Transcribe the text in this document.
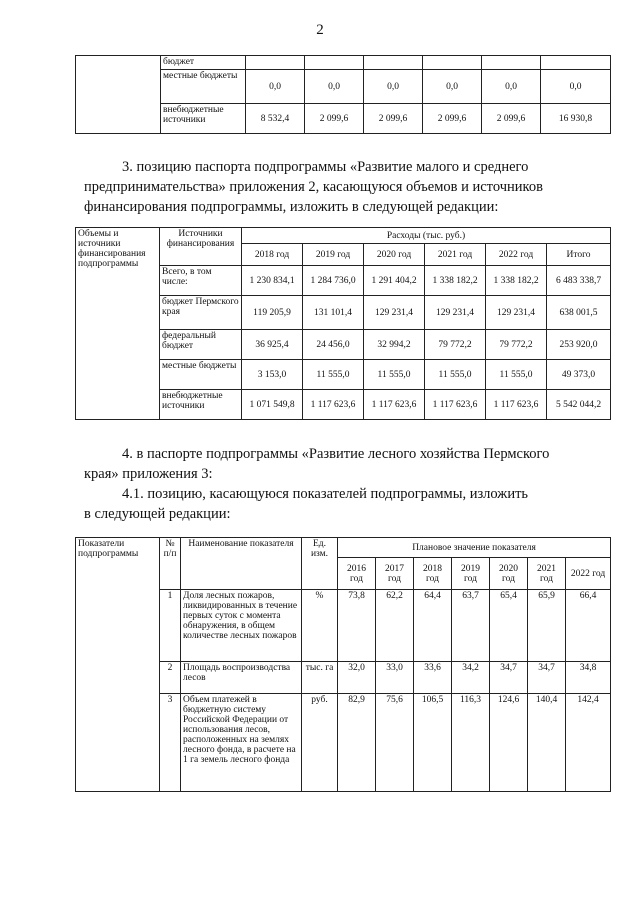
2
	бюджет						
	местные бюджеты	0,0	0,0	0,0	0,0	0,0	0,0
	внебюджетные источники	8 532,4	2 099,6	2 099,6	2 099,6	2 099,6	16 930,8
3. позицию паспорта подпрограммы «Развитие малого и среднего
предпринимательства» приложения 2, касающуюся объемов и источников
финансирования подпрограммы, изложить в следующей редакции:
Объемы и источники финансирования подпрограммы	Источники финансирования	Расходы (тыс. руб.)					
		2018 год	2019 год	2020 год	2021 год	2022 год	Итого
	Всего, в том числе:	1 230 834,1	1 284 736,0	1 291 404,2	1 338 182,2	1 338 182,2	6 483 338,7
	бюджет Пермского края	119 205,9	131 101,4	129 231,4	129 231,4	129 231,4	638 001,5
	федеральный бюджет	36 925,4	24 456,0	32 994,2	79 772,2	79 772,2	253 920,0
	местные бюджеты	3 153,0	11 555,0	11 555,0	11 555,0	11 555,0	49 373,0
	внебюджетные источники	1 071 549,8	1 117 623,6	1 117 623,6	1 117 623,6	1 117 623,6	5 542 044,2
4. в паспорте подпрограммы «Развитие лесного хозяйства Пермского
края» приложения 3:
4.1. позицию, касающуюся показателей подпрограммы, изложить
в следующей редакции:
Показатели подпрограммы	№ п/п	Наименование показателя	Ед. изм.	Плановое значение показателя						
				2016 год	2017 год	2018 год	2019 год	2020 год	2021 год	2022 год
	1	Доля лесных пожаров, ликвидированных в течение первых суток с момента обнаружения, в общем количестве лесных пожаров	%	73,8	62,2	64,4	63,7	65,4	65,9	66,4
	2	Площадь воспроизводства лесов	тыс. га	32,0	33,0	33,6	34,2	34,7	34,7	34,8
	3	Объем платежей в бюджетную систему Российской Федерации от использования лесов, расположенных на землях лесного фонда, в расчете на 1 га земель лесного фонда	руб.	82,9	75,6	106,5	116,3	124,6	140,4	142,4
